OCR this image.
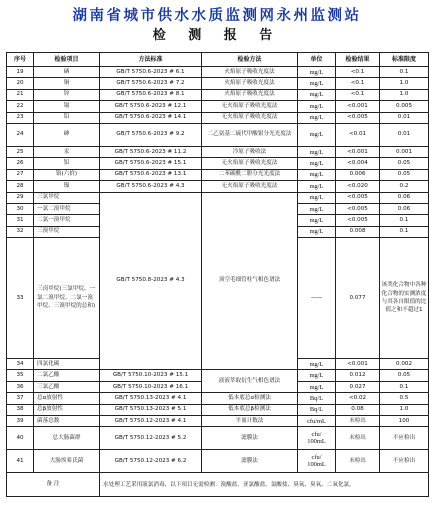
湖南省城市供水水质监测网永州监测站
检 测 报 告
序号	检验项目	方法标准	检验方法	单位	检验结果	标准限度
19	硒	GB/T 5750.6-2023 # 6.1	火焰原子吸收光度法	mg/L	<0.1	0.1
20	铜	GB/T 5750.6-2023 # 7.2	火焰原子吸收光度法	mg/L	<0.1	1.0
21	锌	GB/T 5750.6-2023 # 8.1	火焰原子吸收光度法	mg/L	<0.1	1.0
22	镉	GB/T 5750.6-2023 # 12.1	无火焰原子吸收光度法	mg/L	<0.001	0.005
23	铅	GB/T 5750.6-2023 # 14.1	无火焰原子吸收光度法	mg/L	<0.005	0.01
24	砷	GB/T 5750.6-2023 # 9.2	二乙氨基二硫代甲酸银分光光度法	mg/L	<0.01	0.01
25	汞	GB/T 5750.6-2023 # 11.2	冷原子吸收法	mg/L	<0.001	0.001
26	铝	GB/T 5750.6-2023 # 15.1	无火焰原子吸收光度法	mg/L	<0.004	0.05
27	铬(六价)	GB/T 5750.6-2023 # 13.1	二苯碳酰二肼分光光度法	mg/L	0.006	0.05
28	镍	GB/T 5750.6-2023 # 4.3	无火焰原子吸收光度法	mg/L	<0.020	0.2
29	三氯甲烷	GB/T 5750.8-2023 # 4.3	顶空毛细管柱气相色谱法	mg/L	<0.005	0.06
30	一氯二溴甲烷			mg/L	<0.005	0.06
31	二氯一溴甲烷			mg/L	<0.005	0.1
32	三溴甲烷			mg/L	0.008	0.1
33	三卤甲烷(三氯甲烷、一氯二溴甲烷、二氯一溴甲烷、三溴甲烷的总和)			——	0.077	该类化合物中各种化合物的实测浓度与其各自限值的比值之和不超过1
34	四氯化碳			mg/L	<0.001	0.002
35	二氯乙酸	GB/T 5750.10-2023 # 15.1	液液萃取衍生气相色谱法	mg/L	0.012	0.05
36	三氯乙酸	GB/T 5750.10-2023 # 16.1		mg/L	0.027	0.1
37	总α放射性	GB/T 5750.13-2023 # 4.1	低本底总α检测法	Bq/L	<0.02	0.5
38	总β放射性	GB/T 5750.13-2023 # 5.1	低本底总β检测法	Bq/L	0.08	1.0
39	菌落总数	GB/T 5750.12-2023 # 4.1	平皿计数法	cfu/mL	未检出	100
40	总大肠菌群	GB/T 5750.12-2023 # 5.2	滤膜法	cfu/
100mL	未检出	不应检出
41	大肠埃希氏菌	GB/T 5750.12-2023 # 6.2	滤膜法	cfu/
100mL	未检出	不应检出
备 注		水处理工艺采用液氯消毒，以下项目无需检测：溴酸盐、亚氯酸盐、氯酸盐、臭氧、臭氧、二氧化氯。				
